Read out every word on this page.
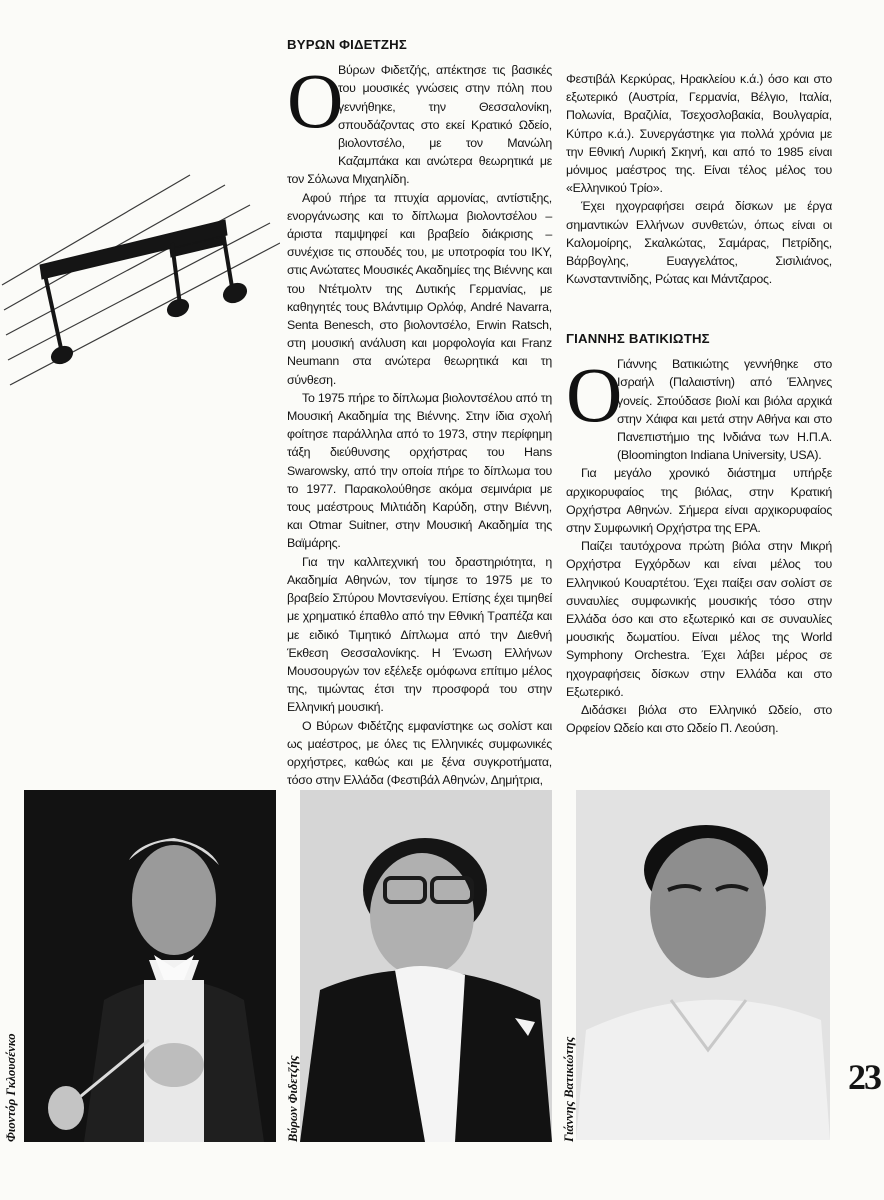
ΒΥΡΩΝ ΦΙΔΕΤΖΗΣ
Ο

Βύρων Φιδετζής, απέκτησε τις βασικές του μουσικές γνώσεις στην πόλη που γεννήθηκε, την Θεσσαλονίκη, σπουδάζοντας στο εκεί Κρατικό Ωδείο, βιολοντσέλο, με τον Μανώλη Καζαμπάκα και ανώτερα θεωρητικά με τον Σόλωνα Μιχαηλίδη.

Αφού πήρε τα πτυχία αρμονίας, αντίστιξης, ενοργάνωσης και το δίπλωμα βιολοντσέλου – άριστα παμψηφεί και βραβείο διάκρισης – συνέχισε τις σπουδές του, με υποτροφία του ΙΚΥ, στις Ανώτατες Μουσικές Ακαδημίες της Βιέννης και του Ντέτμολτν της Δυτικής Γερμανίας, με καθηγητές τους Βλάντιμιρ Ορλόφ, André Navarra, Senta Benesch, στο βιολοντσέλο, Erwin Ratsch, στη μουσική ανάλυση και μορφολογία και Franz Neumann στα ανώτερα θεωρητικά και τη σύνθεση.

Το 1975 πήρε το δίπλωμα βιολοντσέλου από τη Μουσική Ακαδημία της Βιέννης. Στην ίδια σχολή φοίτησε παράλληλα από το 1973, στην περίφημη τάξη διεύθυνσης ορχήστρας του Hans Swarowsky, από την οποία πήρε το δίπλωμα του το 1977. Παρακολούθησε ακόμα σεμινάρια με τους μαέστρους Μιλτιάδη Καρύδη, στην Βιέννη, και Otmar Suitner, στην Μουσική Ακαδημία της Βαϊμάρης.

Για την καλλιτεχνική του δραστηριότητα, η Ακαδημία Αθηνών, τον τίμησε το 1975 με το βραβείο Σπύρου Μοντσενίγου. Επίσης έχει τιμηθεί με χρηματικό έπαθλο από την Εθνική Τραπέζα και με ειδικό Τιμητικό Δίπλωμα από την Διεθνή Έκθεση Θεσσαλονίκης. Η Ένωση Ελλήνων Μουσουργών τον εξέλεξε ομόφωνα επίτιμο μέλος της, τιμώντας έτσι την προσφορά του στην Ελληνική μουσική.

Ο Βύρων Φιδέτζης εμφανίστηκε ως σολίστ και ως μαέστρος, με όλες τις Ελληνικές συμφωνικές ορχήστρες, καθώς και με ξένα συγκροτήματα, τόσο στην Ελλάδα (Φεστιβάλ Αθηνών, Δημήτρια,

Φεστιβάλ Κερκύρας, Ηρακλείου κ.ά.) όσο και στο εξωτερικό (Αυστρία, Γερμανία, Βέλγιο, Ιταλία, Πολωνία, Βραζιλία, Τσεχοσλοβακία, Βουλγαρία, Κύπρο κ.ά.). Συνεργάστηκε για πολλά χρόνια με την Εθνική Λυρική Σκηνή, και από το 1985 είναι μόνιμος μαέστρος της. Είναι τέλος μέλος του «Ελληνικού Τρίο».

Έχει ηχογραφήσει σειρά δίσκων με έργα σημαντικών Ελλήνων συνθετών, όπως είναι οι Καλομοίρης, Σκαλκώτας, Σαμάρας, Πετρίδης, Βάρβογλης, Ευαγγελάτος, Σισιλιάνος, Κωνσταντινίδης, Ρώτας και Μάντζαρος.

ΓΙΑΝΝΗΣ ΒΑΤΙΚΙΩΤΗΣ
Ο

Γιάννης Βατικιώτης γεννήθηκε στο Ισραήλ (Παλαιστίνη) από Έλληνες γονείς. Σπούδασε βιολί και βιόλα αρχικά στην Χάιφα και μετά στην Αθήνα και στο Πανεπιστήμιο της Ινδιάνα των Η.Π.Α. (Bloomington Indiana University, USA).

Για μεγάλο χρονικό διάστημα υπήρξε αρχικορυφαίος της βιόλας, στην Κρατική Ορχήστρα Αθηνών. Σήμερα είναι αρχικορυφαίος στην Συμφωνική Ορχήστρα της ΕΡΑ.

Παίζει ταυτόχρονα πρώτη βιόλα στην Μικρή Ορχήστρα Εγχόρδων και είναι μέλος του Ελληνικού Κουαρτέτου. Έχει παίξει σαν σολίστ σε συναυλίες συμφωνικής μουσικής τόσο στην Ελλάδα όσο και στο εξωτερικό και σε συναυλίες μουσικής δωματίου. Είναι μέλος της World Symphony Orchestra. Έχει λάβει μέρος σε ηχογραφήσεις δίσκων στην Ελλάδα και στο Εξωτερικό.

Διδάσκει βιόλα στο Ελληνικό Ωδείο, στο Ορφείον Ωδείο και στο Ωδείο Π. Λεούση.

Φιοντόρ Γκλουσένκο	Βύρων Φιδετζής	Γιάννης Βατικιώτης	23
